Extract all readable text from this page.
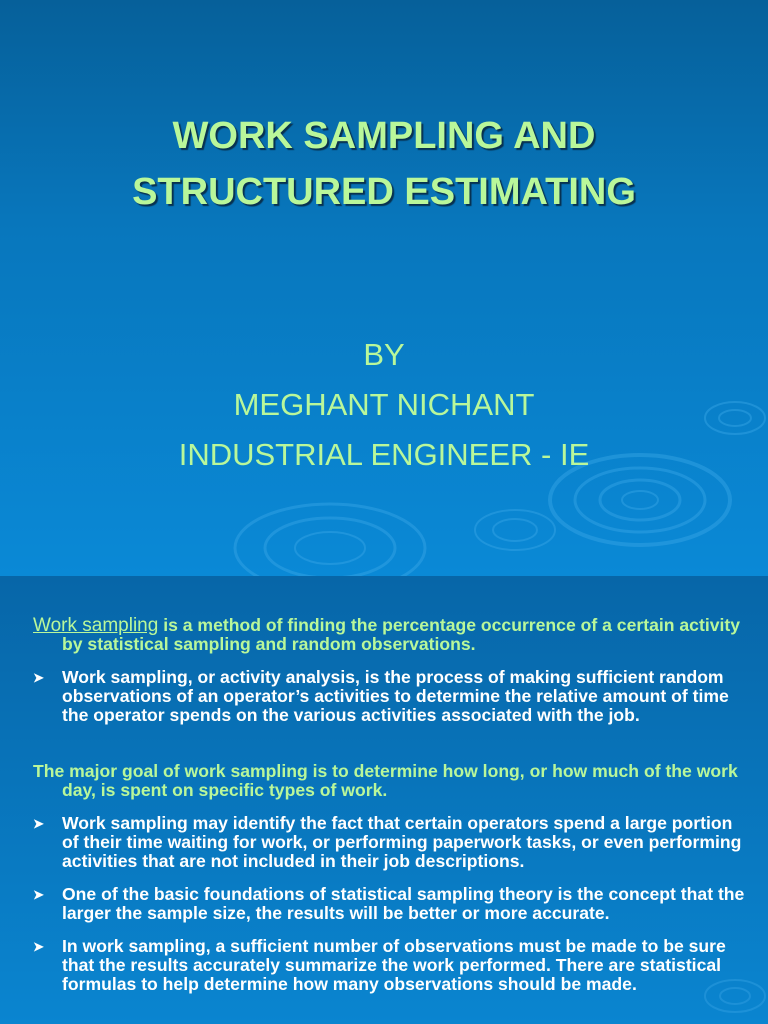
WORK SAMPLING AND
STRUCTURED ESTIMATING
BY
MEGHANT NICHANT
INDUSTRIAL ENGINEER - IE

Work sampling is a method of finding the percentage occurrence of a certain activity by statistical sampling and random observations.

➤ Work sampling, or activity analysis, is the process of making sufficient random observations of an operator’s activities to determine the relative amount of time the operator spends on the various activities associated with the job.

The major goal of work sampling is to determine how long, or how much of the work day, is spent on specific types of work.

➤ Work sampling may identify the fact that certain operators spend a large portion of their time waiting for work, or performing paperwork tasks, or even performing activities that are not included in their job descriptions.

➤ One of the basic foundations of statistical sampling theory is the concept that the larger the sample size, the results will be better or more accurate.

➤ In work sampling, a sufficient number of observations must be made to be sure that the results accurately summarize the work performed. There are statistical formulas to help determine how many observations should be made.
